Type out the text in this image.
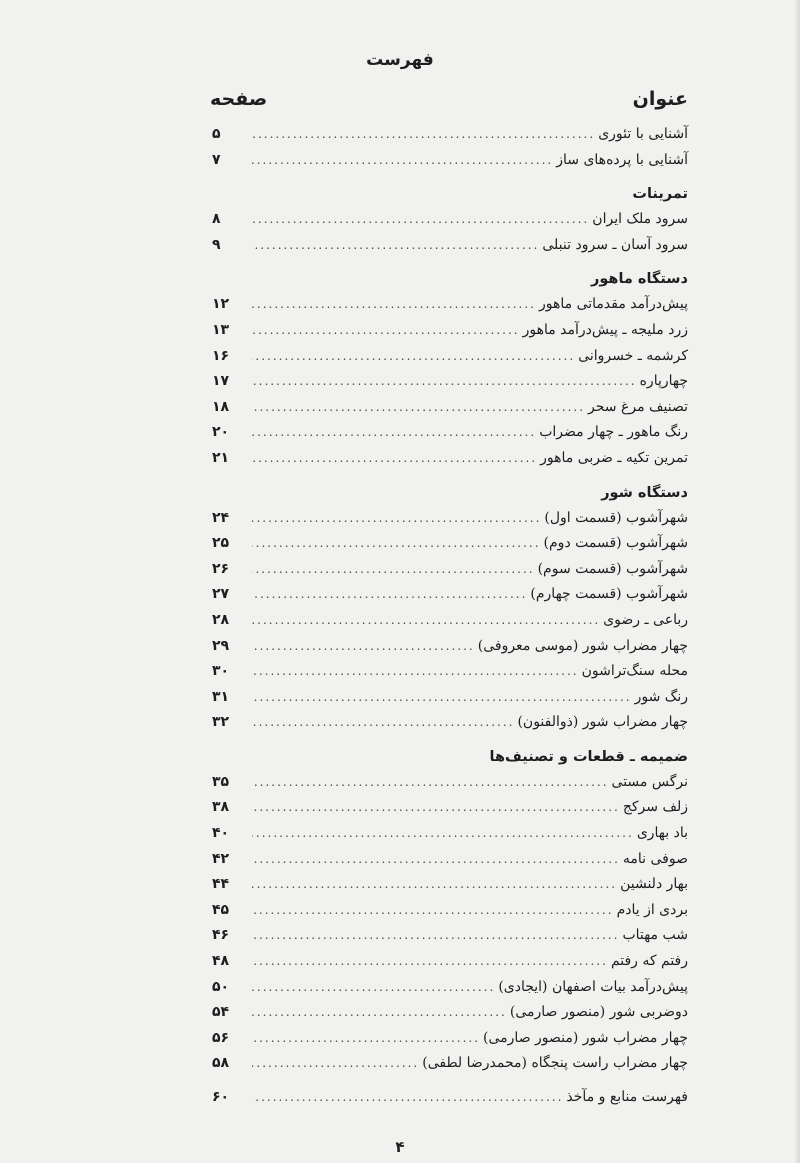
فهرست
عنوان
صفحه
آشنایی با تئوری
.....
۵
آشنایی با پرده‌های ساز
.....
۷
تمرینات
سرود ملک ایران
.....
۸
سرود آسان ـ سرود تنبلی
.....
۹
دستگاه ماهور
پیش‌درآمد مقدماتی ماهور
.....
۱۲
زرد ملیجه ـ پیش‌درآمد ماهور
.....
۱۳
کرشمه ـ خسروانی
.....
۱۶
چهارپاره
.....
۱۷
تصنیف مرغ سحر
.....
۱۸
رنگ ماهور ـ چهار مضراب
.....
۲۰
تمرین تکیه ـ ضربی ماهور
.....
۲۱
دستگاه شور
شهرآشوب (قسمت اول)
.....
۲۴
شهرآشوب (قسمت دوم)
.....
۲۵
شهرآشوب (قسمت سوم)
.....
۲۶
شهرآشوب (قسمت چهارم)
.....
۲۷
رباعی ـ رضوی
.....
۲۸
چهار مضراب شور (موسی معروفی)
.....
۲۹
محله سنگ‌تراشون
.....
۳۰
رنگ شور
.....
۳۱
چهار مضراب شور (ذوالفنون)
.....
۳۲
ضمیمه ـ قطعات و تصنیف‌ها
نرگس مستی
.....
۳۵
زلف سرکج
.....
۳۸
باد بهاری
.....
۴۰
صوفی نامه
.....
۴۲
بهار دلنشین
.....
۴۴
بردی از یادم
.....
۴۵
شب مهتاب
.....
۴۶
رفتم که رفتم
.....
۴۸
پیش‌درآمد بیات اصفهان (ایجادی)
.....
۵۰
دوضربی شور (منصور صارمی)
.....
۵۴
چهار مضراب شور (منصور صارمی)
.....
۵۶
چهار مضراب راست پنجگاه (محمدرضا لطفی)
.....
۵۸
فهرست منابع و مآخذ
.....
۶۰
۴
